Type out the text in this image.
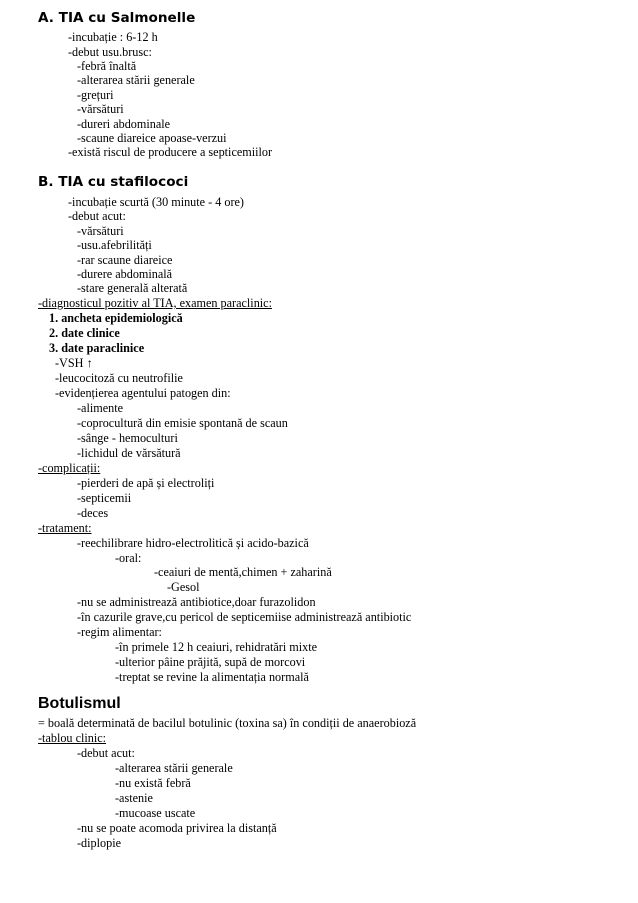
A. TIA cu Salmonelle
-incubație : 6-12 h
-debut usu.brusc:
-febră înaltă
-alterarea stării generale
-grețuri
-vărsături
-dureri abdominale
-scaune diareice apoase-verzui
-există riscul de producere a septicemiilor
B. TIA cu stafilococi
-incubație scurtă (30 minute - 4 ore)
-debut acut:
-vărsături
-usu.afebrilități
-rar scaune diareice
-durere abdominală
-stare generală alterată
-diagnosticul pozitiv al TIA, examen paraclinic:
1. ancheta epidemiologică
2. date clinice
3. date paraclinice
-VSH ↑
-leucocitoză cu neutrofilie
-evidențierea agentului patogen din:
-alimente
-coprocultură din emisie spontană de scaun
-sânge - hemoculturi
-lichidul de vărsătură
-complicații:
-pierderi de apă și electroliți
-septicemii
-deces
-tratament:
-reechilibrare hidro-electrolitică și acido-bazică
-oral:
-ceaiuri de mentă,chimen + zaharină
-Gesol
-nu se administrează antibiotice,doar furazolidon
-în cazurile grave,cu pericol de septicemiise administrează antibiotic
-regim alimentar:
-în primele 12 h ceaiuri, rehidratări mixte
-ulterior pâine prăjită, supă de morcovi
-treptat se revine la alimentația normală
Botulismul
= boală determinată de bacilul botulinic (toxina sa) în condiții de anaerobioză
-tablou clinic:
-debut acut:
-alterarea stării generale
-nu există febră
-astenie
-mucoase uscate
-nu se poate acomoda privirea la distanță
-diplopie
